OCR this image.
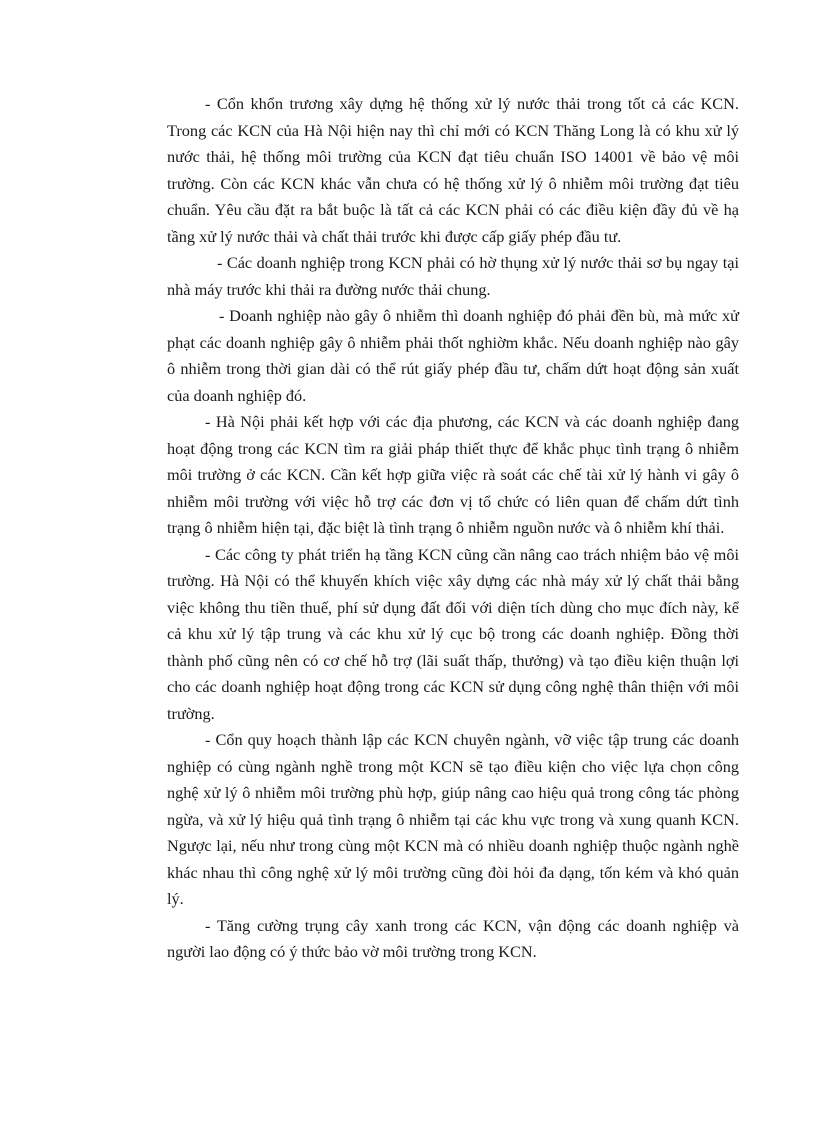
- Cổn khổn trương xây dựng hệ thống xử lý nước thải trong tốt cả các KCN. Trong các KCN của Hà Nội hiện nay thì chỉ mới có KCN Thăng Long là có khu xử lý nước thải, hệ thống môi trường của KCN đạt tiêu chuẩn ISO 14001 về bảo vệ môi trường. Còn các KCN khác vẫn chưa có hệ thống xử lý ô nhiễm môi trường đạt tiêu chuẩn. Yêu cầu đặt ra bắt buộc là tất cả các KCN phải có các điều kiện đầy đủ về hạ tầng xử lý nước thải và chất thải trước khi được cấp giấy phép đầu tư.

- Các doanh nghiệp trong KCN phải có hờ thụng xử lý nước thải sơ bụ ngay tại nhà máy trước khi thải ra đường nước thải chung.

- Doanh nghiệp nào gây ô nhiễm thì doanh nghiệp đó phải đền bù, mà mức xử phạt các doanh nghiệp gây ô nhiễm phải thốt nghiờm khắc. Nếu doanh nghiệp nào gây ô nhiễm trong thời gian dài có thể rút giấy phép đầu tư, chấm dứt hoạt động sản xuất của doanh nghiệp đó.

- Hà Nội phải kết hợp với các địa phương, các KCN và các doanh nghiệp đang hoạt động trong các KCN tìm ra giải pháp thiết thực để khắc phục tình trạng ô nhiễm môi trường ở các KCN. Cần kết hợp giữa việc rà soát các chế tài xử lý hành vi gây ô nhiễm môi trường với việc hỗ trợ các đơn vị tổ chức có liên quan để chấm dứt tình trạng ô nhiễm hiện tại, đặc biệt là tình trạng ô nhiễm nguồn nước và ô nhiễm khí thải.

- Các công ty phát triển hạ tầng KCN cũng cần nâng cao trách nhiệm bảo vệ môi trường. Hà Nội có thể khuyến khích việc xây dựng các nhà máy xử lý chất thải bằng việc không thu tiền thuế, phí sử dụng đất đối với diện tích dùng cho mục đích này, kể cả khu xử lý tập trung và các khu xử lý cục bộ trong các doanh nghiệp. Đồng thời thành phố cũng nên có cơ chế hỗ trợ (lãi suất thấp, thưởng) và tạo điều kiện thuận lợi cho các doanh nghiệp hoạt động trong các KCN sử dụng công nghệ thân thiện với môi trường.

- Cổn quy hoạch thành lập các KCN chuyên ngành, vỡ việc tập trung các doanh nghiệp có cùng ngành nghề trong một KCN sẽ tạo điều kiện cho việc lựa chọn công nghệ xử lý ô nhiễm môi trường phù hợp, giúp nâng cao hiệu quả trong công tác phòng ngừa, và xử lý hiệu quả tình trạng ô nhiễm tại các khu vực trong và xung quanh KCN. Ngược lại, nếu như trong cùng một KCN mà có nhiều doanh nghiệp thuộc ngành nghề khác nhau thì công nghệ xử lý môi trường cũng đòi hỏi đa dạng, tốn kém và khó quản lý.

- Tăng cường trụng cây xanh trong các KCN, vận động các doanh nghiệp và người lao động có ý thức bảo vờ môi trường trong KCN.
